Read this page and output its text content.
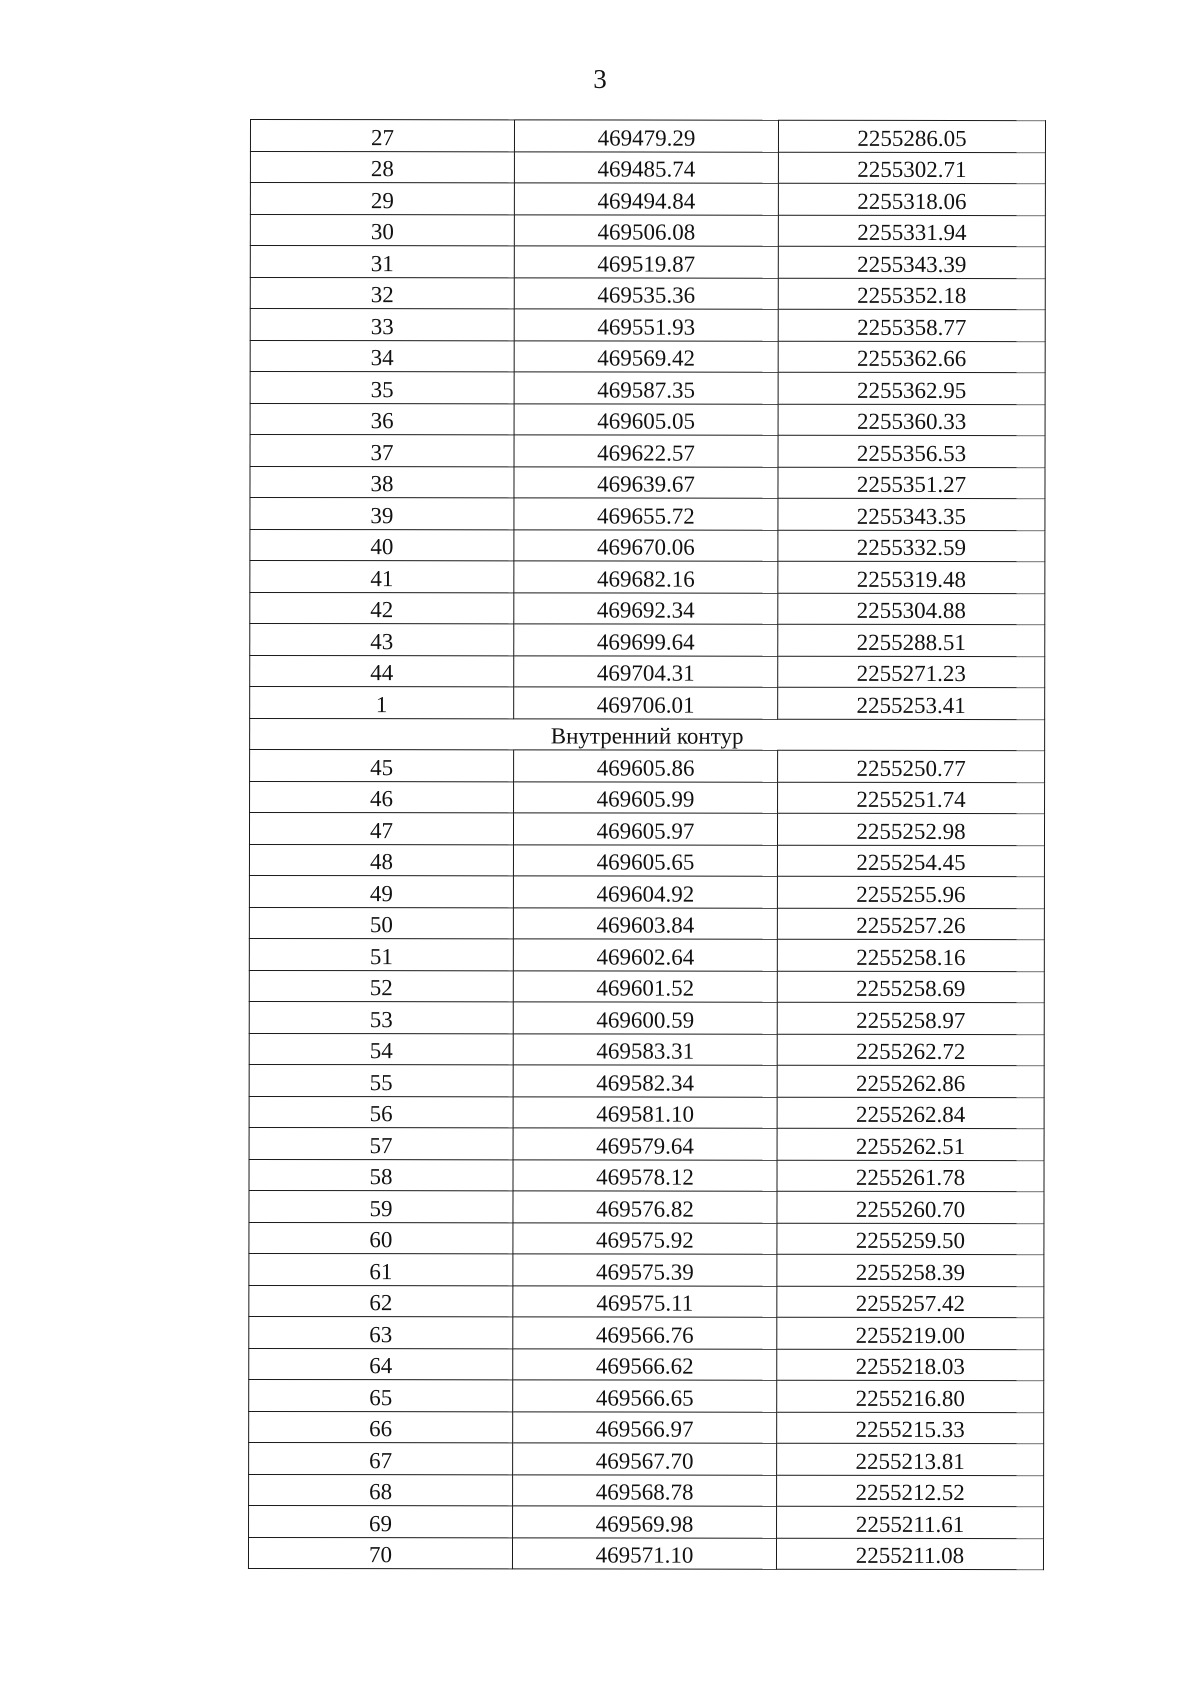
3
27	469479.29	2255286.05
28	469485.74	2255302.71
29	469494.84	2255318.06
30	469506.08	2255331.94
31	469519.87	2255343.39
32	469535.36	2255352.18
33	469551.93	2255358.77
34	469569.42	2255362.66
35	469587.35	2255362.95
36	469605.05	2255360.33
37	469622.57	2255356.53
38	469639.67	2255351.27
39	469655.72	2255343.35
40	469670.06	2255332.59
41	469682.16	2255319.48
42	469692.34	2255304.88
43	469699.64	2255288.51
44	469704.31	2255271.23
1	469706.01	2255253.41
Внутренний контур		
45	469605.86	2255250.77
46	469605.99	2255251.74
47	469605.97	2255252.98
48	469605.65	2255254.45
49	469604.92	2255255.96
50	469603.84	2255257.26
51	469602.64	2255258.16
52	469601.52	2255258.69
53	469600.59	2255258.97
54	469583.31	2255262.72
55	469582.34	2255262.86
56	469581.10	2255262.84
57	469579.64	2255262.51
58	469578.12	2255261.78
59	469576.82	2255260.70
60	469575.92	2255259.50
61	469575.39	2255258.39
62	469575.11	2255257.42
63	469566.76	2255219.00
64	469566.62	2255218.03
65	469566.65	2255216.80
66	469566.97	2255215.33
67	469567.70	2255213.81
68	469568.78	2255212.52
69	469569.98	2255211.61
70	469571.10	2255211.08
